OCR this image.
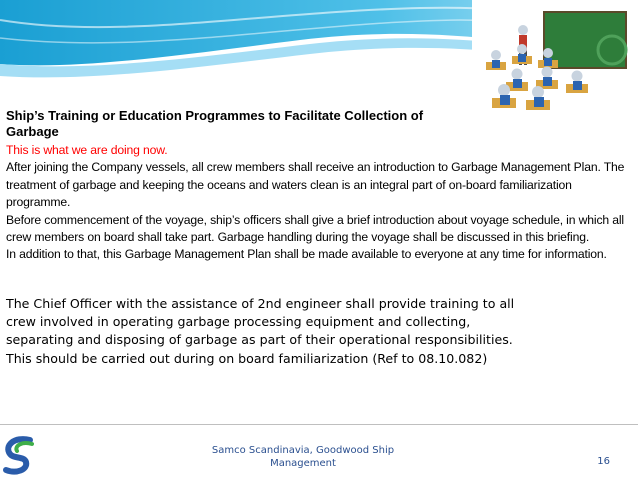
Ship’s Training or Education Programmes to Facilitate Collection of Garbage

This is what we are doing now.

After joining the Company vessels, all crew members shall receive an introduction to Garbage Management Plan. The treatment of garbage and keeping the oceans and waters clean is an integral part of on-board familiarization programme.

Before commencement of the voyage, ship’s officers shall give a brief introduction about voyage schedule, in which all crew members on board shall take part. Garbage handling during the voyage shall be discussed in this briefing.

In addition to that, this Garbage Management Plan shall be made available to everyone at any time for information.

The Chief Officer with the assistance of 2nd engineer shall provide training to all

crew involved in operating garbage processing equipment and collecting,

separating and disposing of garbage as part of their operational responsibilities.

This should be carried out during on board familiarization (Ref to 08.10.082)

Samco Scandinavia, Goodwood Ship
Management	16
